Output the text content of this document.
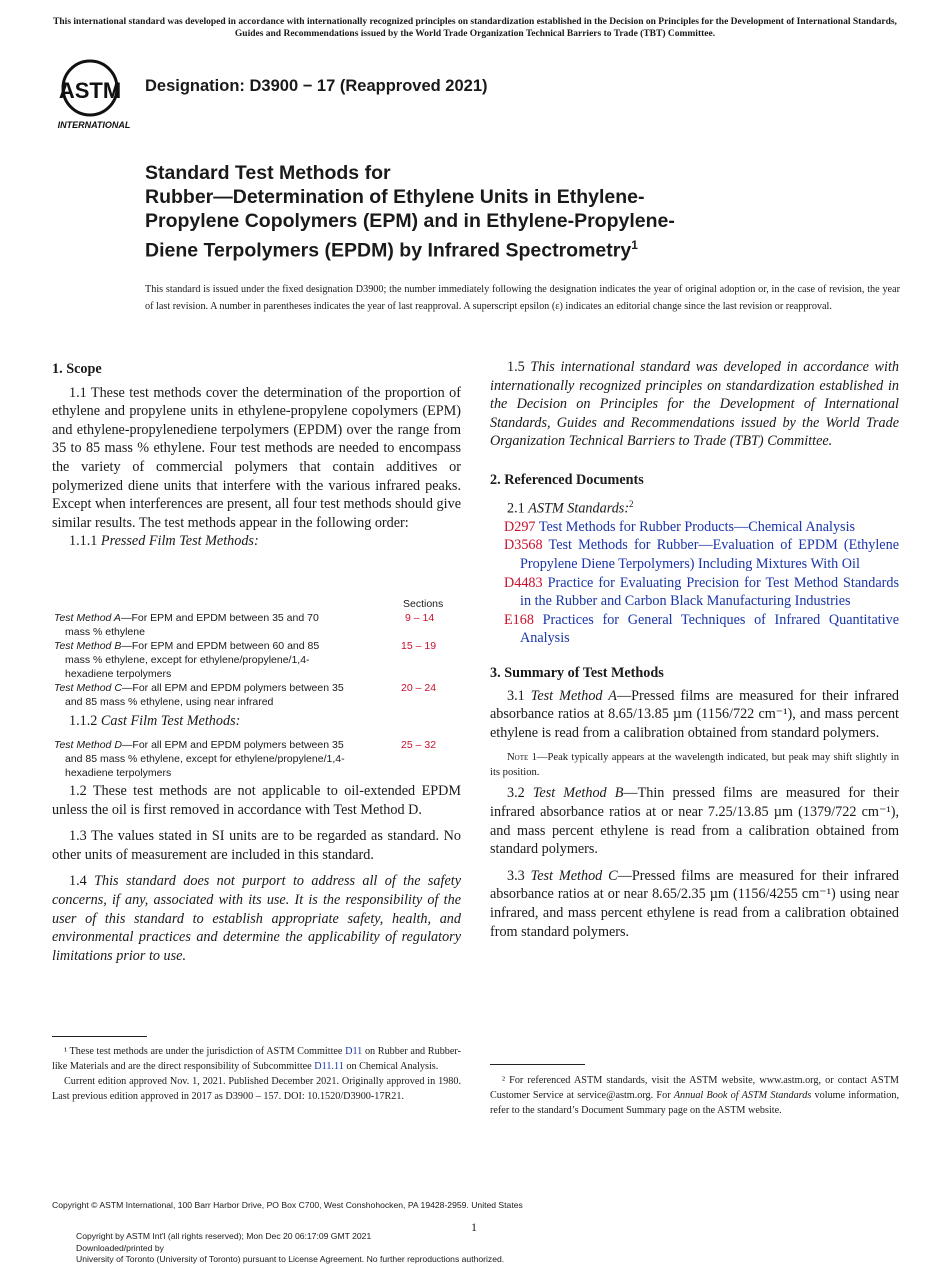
This international standard was developed in accordance with internationally recognized principles on standardization established in the Decision on Principles for the Development of International Standards, Guides and Recommendations issued by the World Trade Organization Technical Barriers to Trade (TBT) Committee.
ASTM
INTERNATIONAL
Designation: D3900 − 17 (Reapproved 2021)
Standard Test Methods for
Rubber—Determination of Ethylene Units in Ethylene-
Propylene Copolymers (EPM) and in Ethylene-Propylene-
Diene Terpolymers (EPDM) by Infrared Spectrometry$^1$
This standard is issued under the fixed designation D3900; the number immediately following the designation indicates the year of original adoption or, in the case of revision, the year of last revision. A number in parentheses indicates the year of last reapproval. A superscript epsilon (ε) indicates an editorial change since the last revision or reapproval.

1. Scope

1.1 These test methods cover the determination of the proportion of ethylene and propylene units in ethylene-propylene copolymers (EPM) and ethylene-propylenediene terpolymers (EPDM) over the range from 35 to 85 mass % ethylene. Four test methods are needed to encompass the variety of commercial polymers that contain additives or polymerized diene units that interfere with the various infrared peaks. Except when interferences are present, all four test methods should give similar results. The test methods appear in the following order:

1.1.1 Pressed Film Test Methods:

Sections
Test Method A—For EPM and EPDM between 35 and 70
mass % ethylene
9 – 14
Test Method B—For EPM and EPDM between 60 and 85
mass % ethylene, except for ethylene/propylene/1,4-
hexadiene terpolymers
15 – 19
Test Method C—For all EPM and EPDM polymers between 35
and 85 mass % ethylene, using near infrared
20 – 24
1.1.2 Cast Film Test Methods:
Test Method D—For all EPM and EPDM polymers between 35
and 85 mass % ethylene, except for ethylene/propylene/1,4-
hexadiene terpolymers
25 – 32

1.2 These test methods are not applicable to oil-extended EPDM unless the oil is first removed in accordance with Test Method D.

1.3 The values stated in SI units are to be regarded as standard. No other units of measurement are included in this standard.

1.4 This standard does not purport to address all of the safety concerns, if any, associated with its use. It is the responsibility of the user of this standard to establish appropriate safety, health, and environmental practices and determine the applicability of regulatory limitations prior to use.

¹ These test methods are under the jurisdiction of ASTM Committee D11 on Rubber and Rubber-like Materials and are the direct responsibility of Subcommittee D11.11 on Chemical Analysis.
Current edition approved Nov. 1, 2021. Published December 2021. Originally approved in 1980. Last previous edition approved in 2017 as D3900 – 157. DOI: 10.1520/D3900-17R21.

1.5 This international standard was developed in accordance with internationally recognized principles on standardization established in the Decision on Principles for the Development of International Standards, Guides and Recommendations issued by the World Trade Organization Technical Barriers to Trade (TBT) Committee.

2. Referenced Documents

2.1 ASTM Standards:$^2$

D297 Test Methods for Rubber Products—Chemical Analysis

D3568 Test Methods for Rubber—Evaluation of EPDM (Ethylene Propylene Diene Terpolymers) Including Mixtures With Oil

D4483 Practice for Evaluating Precision for Test Method Standards in the Rubber and Carbon Black Manufacturing Industries

E168 Practices for General Techniques of Infrared Quantitative Analysis

3. Summary of Test Methods

3.1 Test Method A—Pressed films are measured for their infrared absorbance ratios at 8.65/13.85 µm (1156/722 cm⁻¹), and mass percent ethylene is read from a calibration obtained from standard polymers.

Note 1—Peak typically appears at the wavelength indicated, but peak may shift slightly in its position.

3.2 Test Method B—Thin pressed films are measured for their infrared absorbance ratios at or near 7.25/13.85 µm (1379/722 cm⁻¹), and mass percent ethylene is read from a calibration obtained from standard polymers.

3.3 Test Method C—Pressed films are measured for their infrared absorbance ratios at or near 8.65/2.35 µm (1156/4255 cm⁻¹) using near infrared, and mass percent ethylene is read from a calibration obtained from standard polymers.

² For referenced ASTM standards, visit the ASTM website, www.astm.org, or contact ASTM Customer Service at service@astm.org. For Annual Book of ASTM Standards volume information, refer to the standard’s Document Summary page on the ASTM website.
Copyright © ASTM International, 100 Barr Harbor Drive, PO Box C700, West Conshohocken, PA 19428-2959. United States
1
Copyright by ASTM Int'l (all rights reserved); Mon Dec 20 06:17:09 GMT 2021
Downloaded/printed by
University of Toronto (University of Toronto) pursuant to License Agreement. No further reproductions authorized.
